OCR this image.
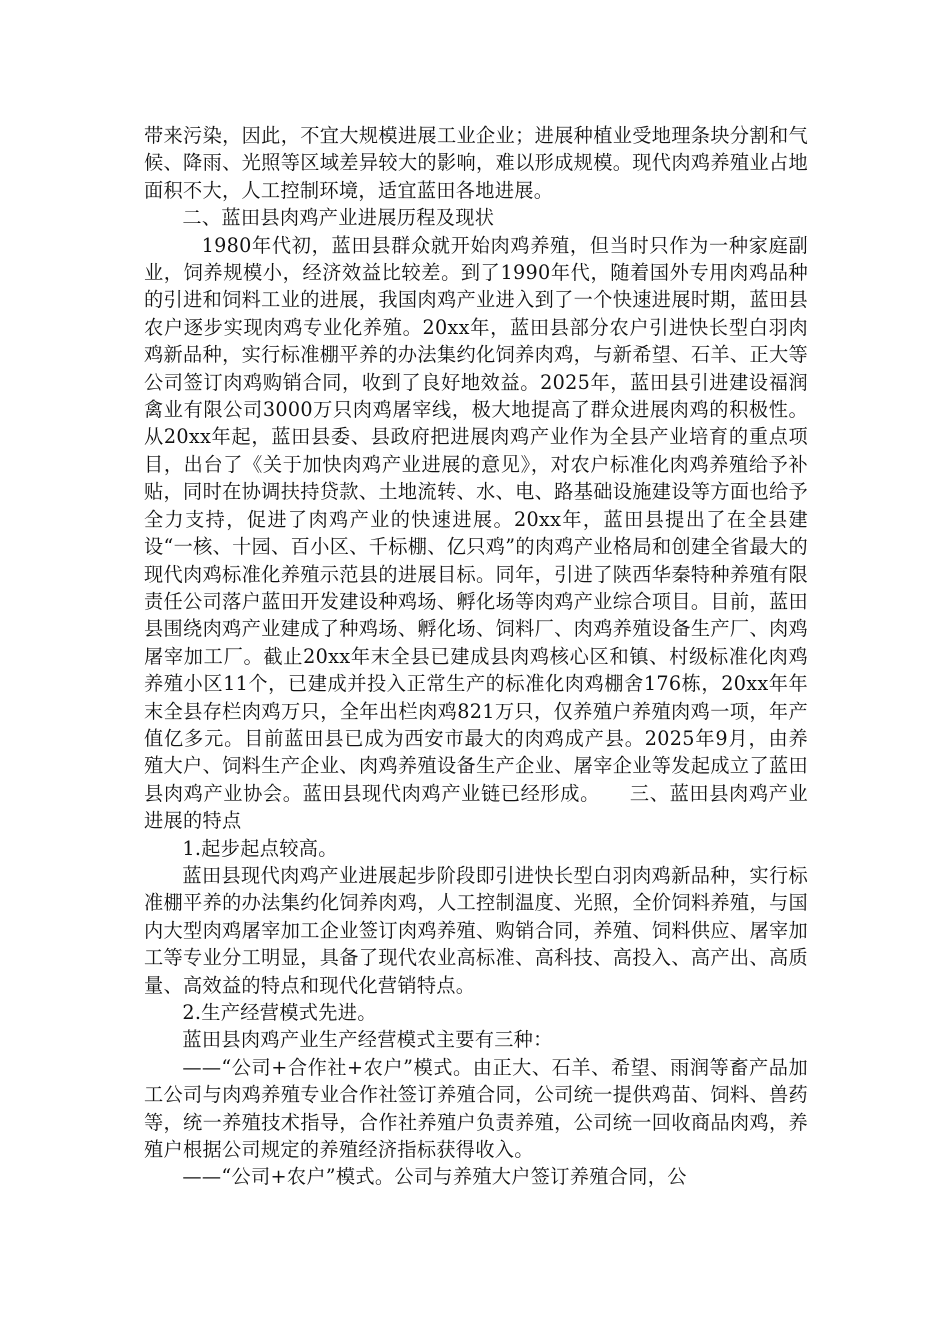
带来污染，因此，不宜大规模进展工业企业；进展种植业受地理条块分割和气候、降雨、光照等区域差异较大的影响，难以形成规模。现代肉鸡养殖业占地面积不大，人工控制环境，适宜蓝田各地进展。

二、蓝田县肉鸡产业进展历程及现状

1980年代初，蓝田县群众就开始肉鸡养殖，但当时只作为一种家庭副业，饲养规模小，经济效益比较差。到了1990年代，随着国外专用肉鸡品种的引进和饲料工业的进展，我国肉鸡产业进入到了一个快速进展时期，蓝田县农户逐步实现肉鸡专业化养殖。20xx年，蓝田县部分农户引进快长型白羽肉鸡新品种，实行标准棚平养的办法集约化饲养肉鸡，与新希望、石羊、正大等公司签订肉鸡购销合同，收到了良好地效益。2025年，蓝田县引进建设福润禽业有限公司3000万只肉鸡屠宰线，极大地提高了群众进展肉鸡的积极性。从20xx年起，蓝田县委、县政府把进展肉鸡产业作为全县产业培育的重点项目，出台了《关于加快肉鸡产业进展的意见》，对农户标准化肉鸡养殖给予补贴，同时在协调扶持贷款、土地流转、水、电、路基础设施建设等方面也给予全力支持，促进了肉鸡产业的快速进展。20xx年，蓝田县提出了在全县建设“一核、十园、百小区、千标棚、亿只鸡”的肉鸡产业格局和创建全省最大的现代肉鸡标准化养殖示范县的进展目标。同年，引进了陕西华秦特种养殖有限责任公司落户蓝田开发建设种鸡场、孵化场等肉鸡产业综合项目。目前，蓝田县围绕肉鸡产业建成了种鸡场、孵化场、饲料厂、肉鸡养殖设备生产厂、肉鸡屠宰加工厂。截止20xx年末全县已建成县肉鸡核心区和镇、村级标准化肉鸡养殖小区11个，已建成并投入正常生产的标准化肉鸡棚舍176栋，20xx年年末全县存栏肉鸡万只，全年出栏肉鸡821万只，仅养殖户养殖肉鸡一项，年产值亿多元。目前蓝田县已成为西安市最大的肉鸡成产县。2025年9月，由养殖大户、饲料生产企业、肉鸡养殖设备生产企业、屠宰企业等发起成立了蓝田县肉鸡产业协会。蓝田县现代肉鸡产业链已经形成。　　三、蓝田县肉鸡产业进展的特点

1.起步起点较高。

蓝田县现代肉鸡产业进展起步阶段即引进快长型白羽肉鸡新品种，实行标准棚平养的办法集约化饲养肉鸡，人工控制温度、光照，全价饲料养殖，与国内大型肉鸡屠宰加工企业签订肉鸡养殖、购销合同，养殖、饲料供应、屠宰加工等专业分工明显，具备了现代农业高标准、高科技、高投入、高产出、高质量、高效益的特点和现代化营销特点。

2.生产经营模式先进。

蓝田县肉鸡产业生产经营模式主要有三种：

——“公司+合作社+农户”模式。由正大、石羊、希望、雨润等畜产品加工公司与肉鸡养殖专业合作社签订养殖合同，公司统一提供鸡苗、饲料、兽药等，统一养殖技术指导，合作社养殖户负责养殖，公司统一回收商品肉鸡，养殖户根据公司规定的养殖经济指标获得收入。

——“公司+农户”模式。公司与养殖大户签订养殖合同，公
